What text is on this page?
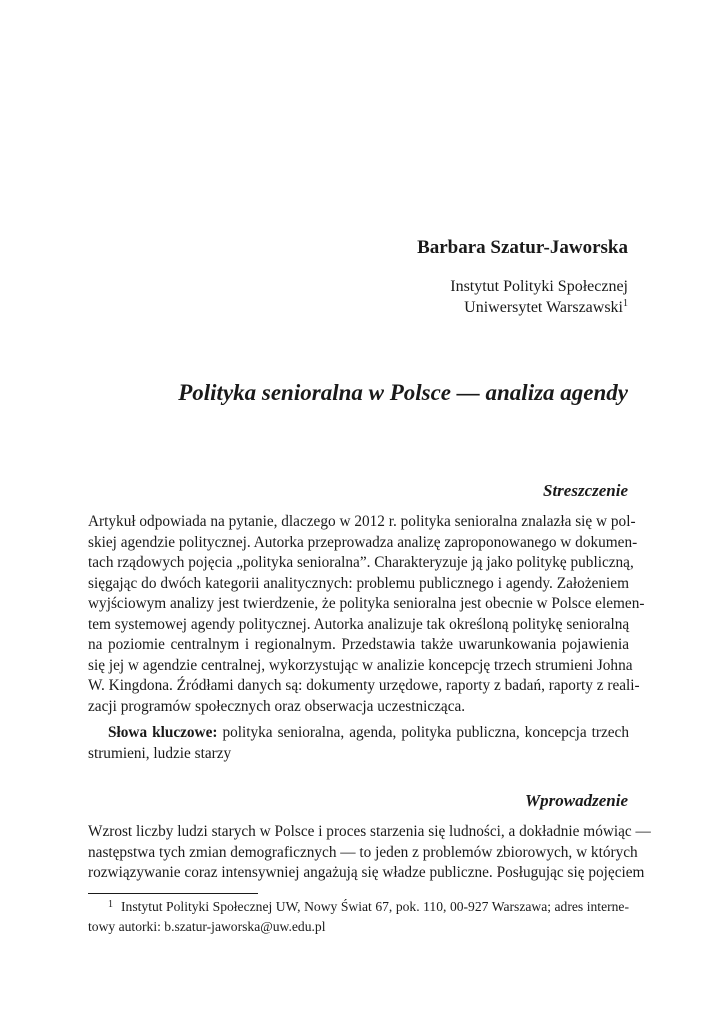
Barbara Szatur-Jaworska
Instytut Polityki Społecznej
Uniwersytet Warszawski$^1$
Polityka senioralna w Polsce — analiza agendy
Streszczenie
Artykuł odpowiada na pytanie, dlaczego w 2012 r. polityka senioralna znalazła się w pol-
skiej agendzie politycznej. Autorka przeprowadza analizę zaproponowanego w dokumen-
tach rządowych pojęcia „polityka senioralna”. Charakteryzuje ją jako politykę publiczną,
sięgając do dwóch kategorii analitycznych: problemu publicznego i agendy. Założeniem
wyjściowym analizy jest twierdzenie, że polityka senioralna jest obecnie w Polsce elemen-
tem systemowej agendy politycznej. Autorka analizuje tak określoną politykę senioralną
na poziomie centralnym i regionalnym. Przedstawia także uwarunkowania pojawienia
się jej w agendzie centralnej, wykorzystując w analizie koncepcję trzech strumieni Johna
W. Kingdona. Źródłami danych są: dokumenty urzędowe, raporty z badań, raporty z reali-
zacji programów społecznych oraz obserwacja uczestnicząca.
Słowa kluczowe: polityka senioralna, agenda, polityka publiczna, koncepcja trzech
strumieni, ludzie starzy
Wprowadzenie
Wzrost liczby ludzi starych w Polsce i proces starzenia się ludności, a dokładnie mówiąc —
następstwa tych zmian demograficznych — to jeden z problemów zbiorowych, w których
rozwiązywanie coraz intensywniej angażują się władze publiczne. Posługując się pojęciem
$^1$ Instytut Polityki Społecznej UW, Nowy Świat 67, pok. 110, 00-927 Warszawa; adres interne-
towy autorki: b.szatur-jaworska@uw.edu.pl
